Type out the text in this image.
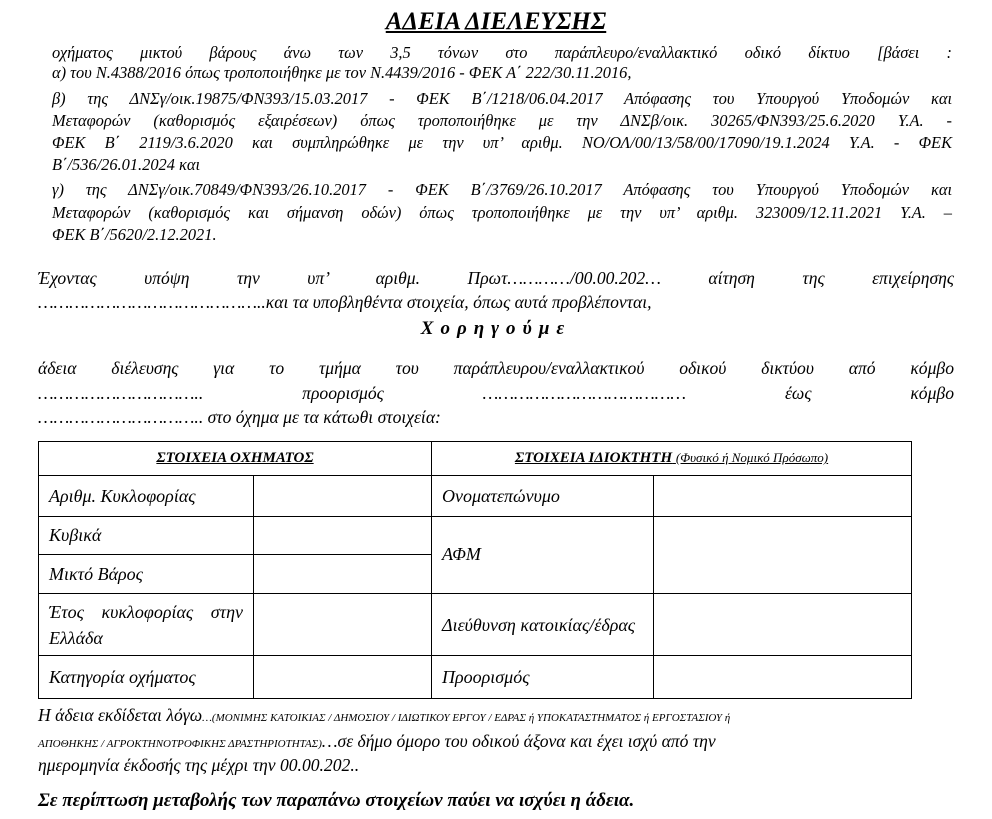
ΑΔΕΙΑ ΔΙΕΛΕΥΣΗΣ
οχήματος μικτού βάρους άνω των 3,5 τόνων στο παράπλευρο/εναλλακτικό οδικό δίκτυο [βάσει :
α) του Ν.4388/2016 όπως τροποποιήθηκε με τον Ν.4439/2016 - ΦΕΚ Α΄ 222/30.11.2016,
β) της ΔΝΣγ/οικ.19875/ΦΝ393/15.03.2017 - ΦΕΚ Β΄/1218/06.04.2017 Απόφασης του Υπουργού Υποδομών και
Μεταφορών (καθορισμός εξαιρέσεων) όπως τροποποιήθηκε με την ΔΝΣβ/οικ. 30265/ΦΝ393/25.6.2020 Υ.Α. -
ΦΕΚ Β΄ 2119/3.6.2020 και συμπληρώθηκε με την υπ’ αριθμ. ΝΟ/ΟΛ/00/13/58/00/17090/19.1.2024 Υ.Α. - ΦΕΚ
Β΄/536/26.01.2024 και
γ) της ΔΝΣγ/οικ.70849/ΦΝ393/26.10.2017 - ΦΕΚ Β΄/3769/26.10.2017 Απόφασης του Υπουργού Υποδομών και
Μεταφορών (καθορισμός και σήμανση οδών) όπως τροποποιήθηκε με την υπ’ αριθμ. 323009/12.11.2021 Υ.Α. –
ΦΕΚ Β΄/5620/2.12.2021.
Έχοντας υπόψη την υπ’ αριθμ. Πρωτ…………/00.00.202… αίτηση της επιχείρησης
……………………………………..και τα υποβληθέντα στοιχεία, όπως αυτά προβλέπονται,
Χορηγούμε
άδεια διέλευσης για το τμήμα του παράπλευρου/εναλλακτικού οδικού δικτύου από κόμβο
………………………….. προορισμός ………………………………… έως κόμβο
………………………….. στο όχημα με τα κάτωθι στοιχεία:
ΣΤΟΙΧΕΙΑ ΟΧΗΜΑΤΟΣ		ΣΤΟΙΧΕΙΑ ΙΔΙΟΚΤΗΤΗ (Φυσικό ή Νομικό Πρόσωπο)	
Αριθμ. Κυκλοφορίας		Ονοματεπώνυμο	
Κυβικά		ΑΦΜ	
Μικτό Βάρος			
Έτος κυκλοφορίας στην Ελλάδα		Διεύθυνση κατοικίας/έδρας	
Κατηγορία οχήματος		Προορισμός	
Η άδεια εκδίδεται λόγω…(ΜΟΝΙΜΗΣ ΚΑΤΟΙΚΙΑΣ / ΔΗΜΟΣΙΟΥ / ΙΔΙΩΤΙΚΟΥ ΕΡΓΟΥ / ΕΔΡΑΣ ή ΥΠΟΚΑΤΑΣΤΗΜΑΤΟΣ ή ΕΡΓΟΣΤΑΣΙΟΥ ή
ΑΠΟΘΗΚΗΣ / ΑΓΡΟΚΤΗΝΟΤΡΟΦΙΚΗΣ ΔΡΑΣΤΗΡΙΟΤΗΤΑΣ)…σε δήμο όμορο του οδικού άξονα και έχει ισχύ από την
ημερομηνία έκδοσής της μέχρι την 00.00.202..
Σε περίπτωση μεταβολής των παραπάνω στοιχείων παύει να ισχύει η άδεια.
